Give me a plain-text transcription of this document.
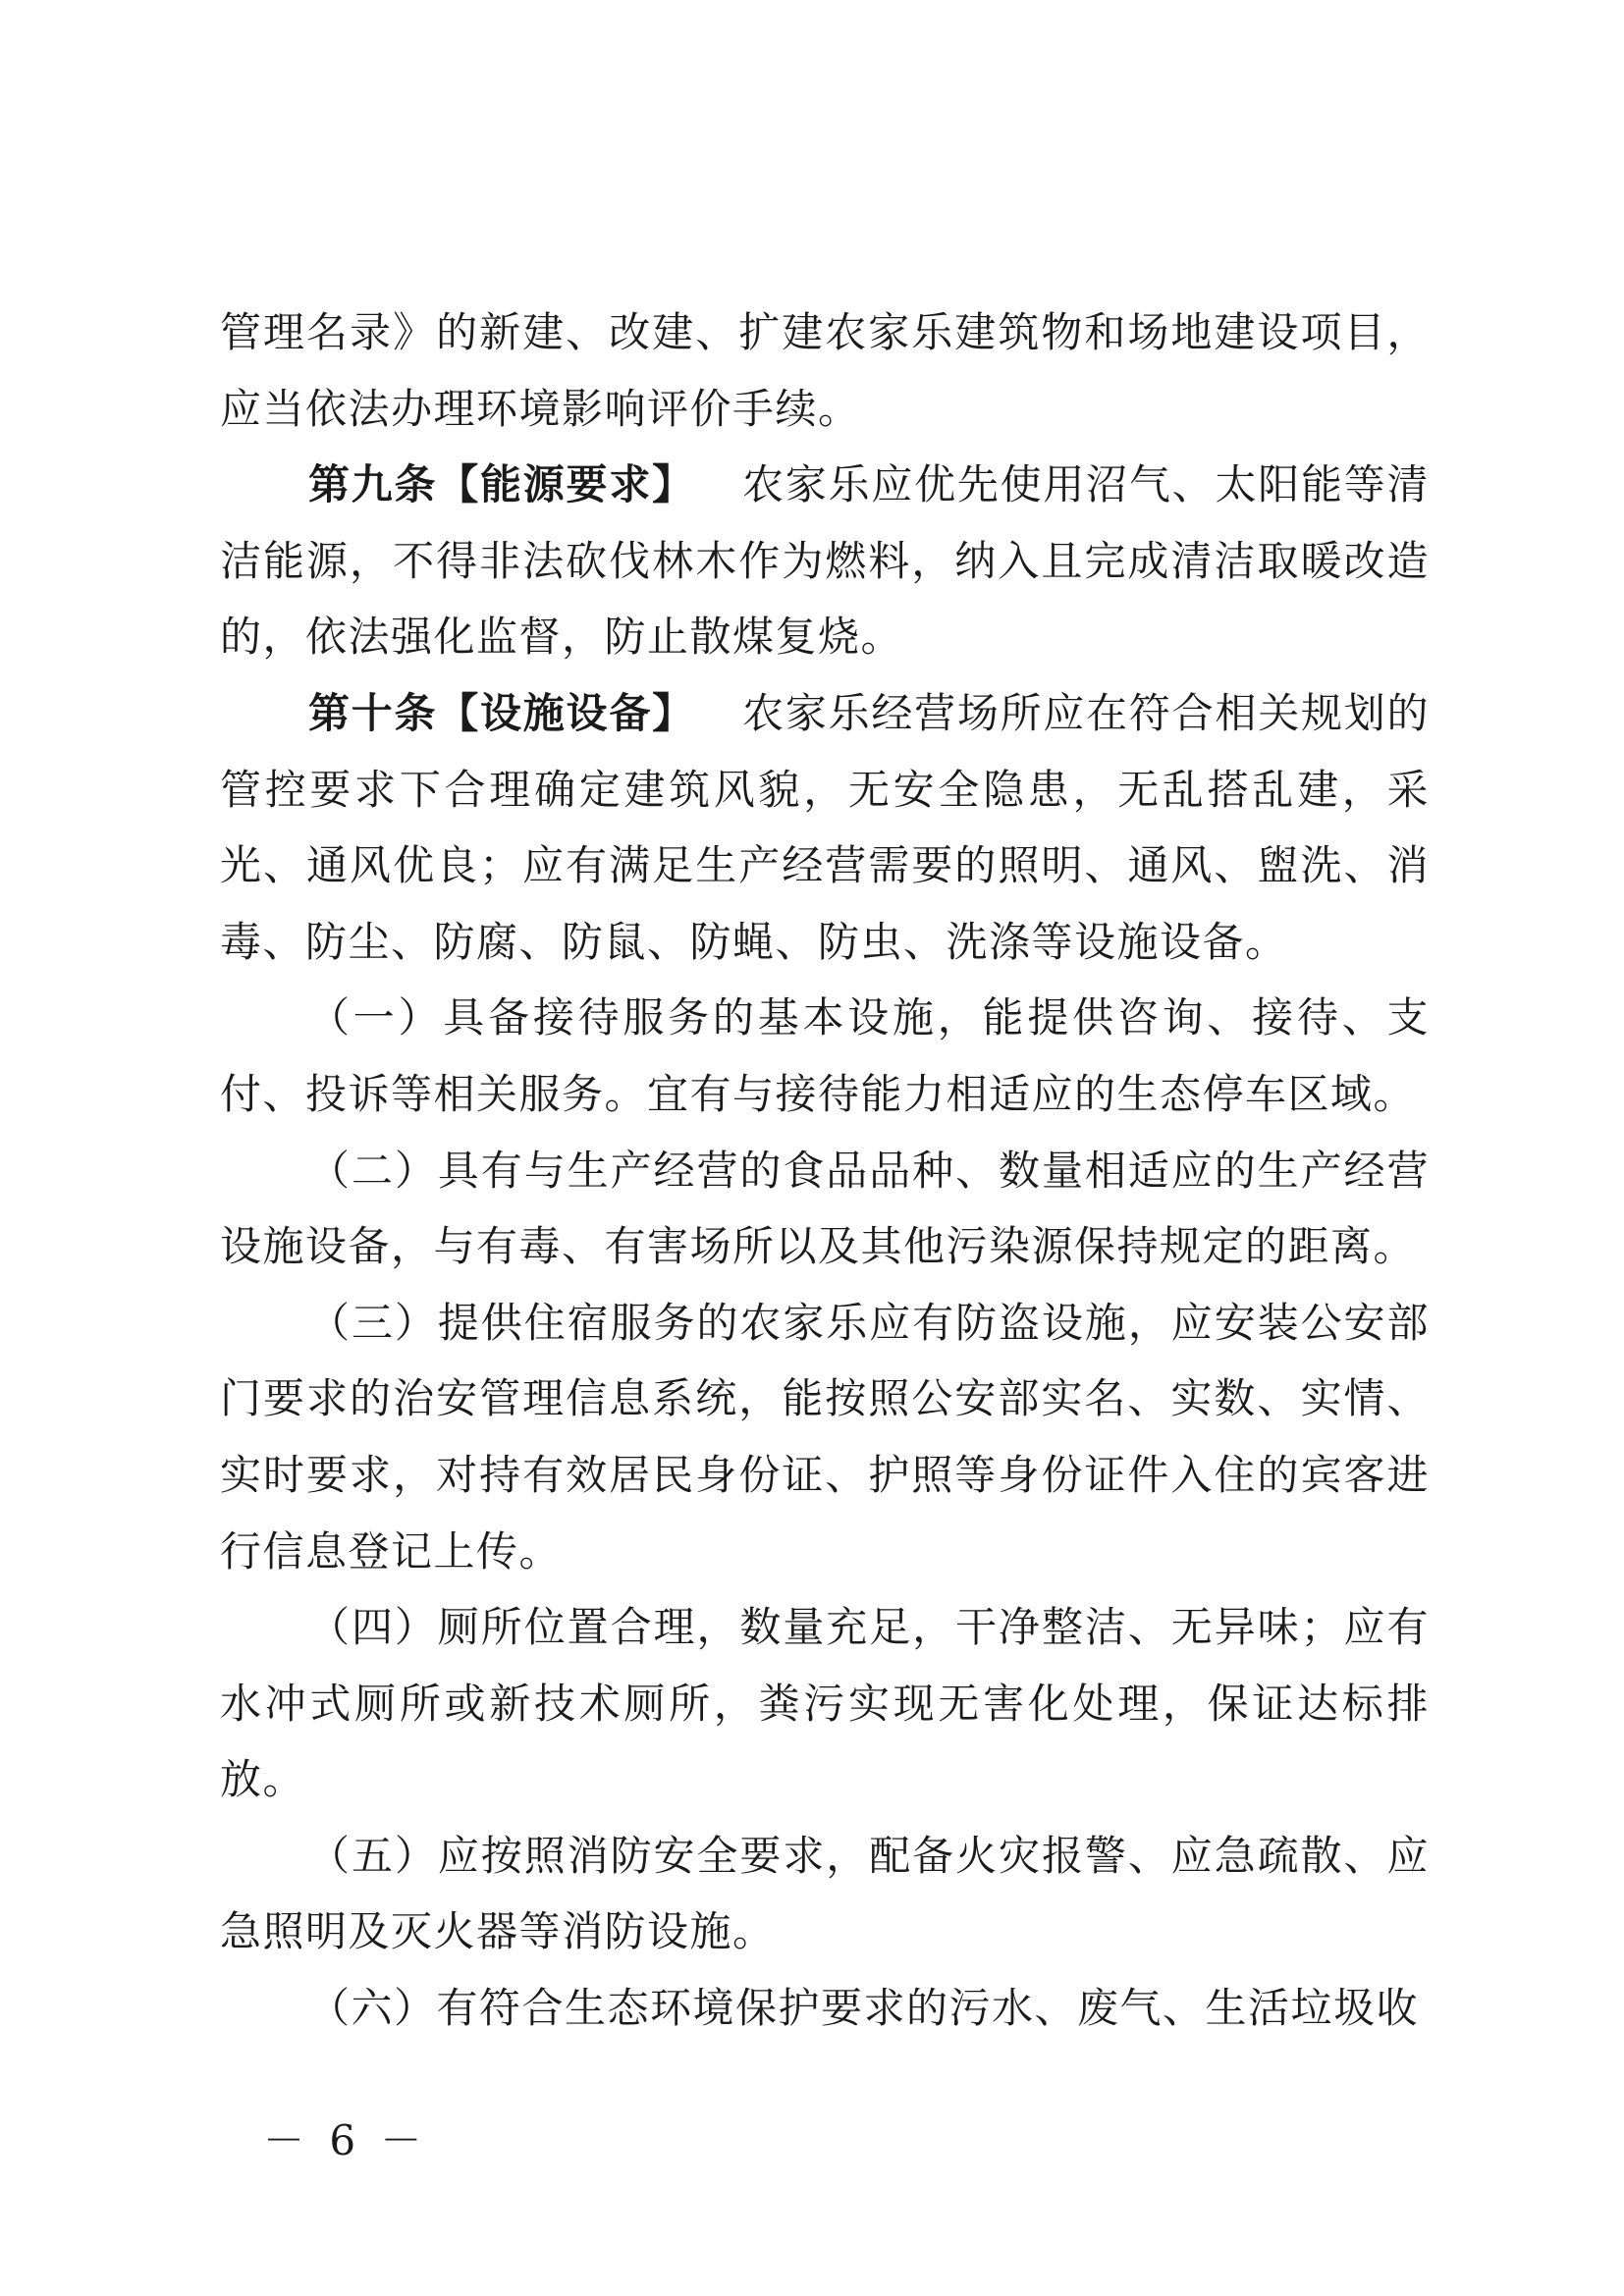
管理名录》的新建、改建、扩建农家乐建筑物和场地建设项目，应当依法办理环境影响评价手续。

第九条【能源要求】 农家乐应优先使用沼气、太阳能等清洁能源，不得非法砍伐林木作为燃料，纳入且完成清洁取暖改造的，依法强化监督，防止散煤复烧。

第十条【设施设备】 农家乐经营场所应在符合相关规划的管控要求下合理确定建筑风貌，无安全隐患，无乱搭乱建，采光、通风优良；应有满足生产经营需要的照明、通风、盥洗、消毒、防尘、防腐、防鼠、防蝇、防虫、洗涤等设施设备。

（一）具备接待服务的基本设施，能提供咨询、接待、支付、投诉等相关服务。宜有与接待能力相适应的生态停车区域。

（二）具有与生产经营的食品品种、数量相适应的生产经营设施设备，与有毒、有害场所以及其他污染源保持规定的距离。

（三）提供住宿服务的农家乐应有防盗设施，应安装公安部门要求的治安管理信息系统，能按照公安部实名、实数、实情、实时要求，对持有效居民身份证、护照等身份证件入住的宾客进行信息登记上传。

（四）厕所位置合理，数量充足，干净整洁、无异味；应有水冲式厕所或新技术厕所，粪污实现无害化处理，保证达标排放。

（五）应按照消防安全要求，配备火灾报警、应急疏散、应急照明及灭火器等消防设施。

（六）有符合生态环境保护要求的污水、废气、生活垃圾收

－ 6 －
